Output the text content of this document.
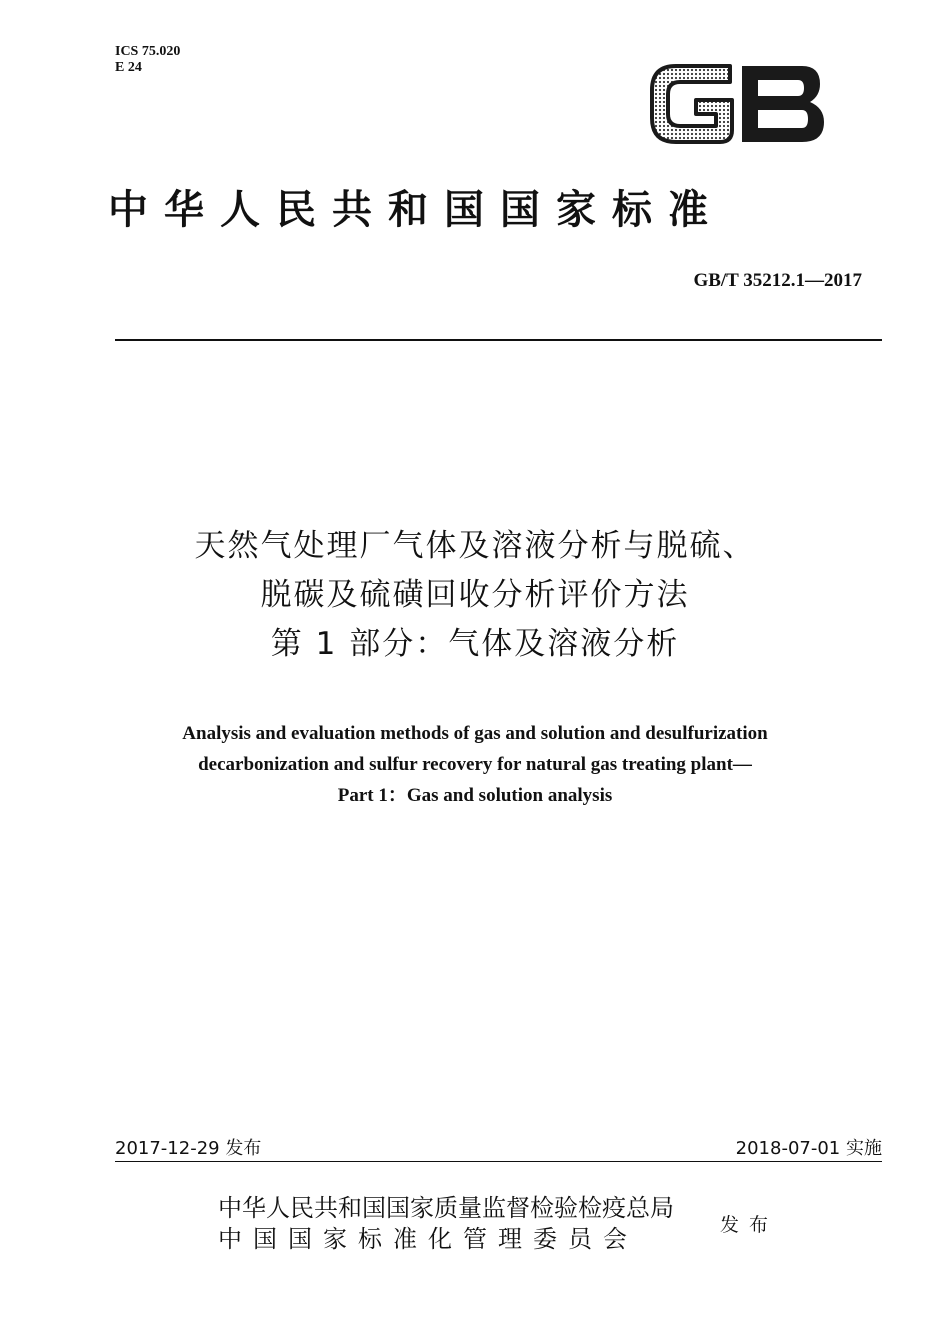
ICS 75.020
E 24
GB
中华人民共和国国家标准
GB/T 35212.1—2017
天然气处理厂气体及溶液分析与脱硫、
脱碳及硫磺回收分析评价方法
第 1 部分：气体及溶液分析
Analysis and evaluation methods of gas and solution and desulfurization
decarbonization and sulfur recovery for natural gas treating plant—
Part 1：Gas and solution analysis
2017-12-29 发布	2018-07-01 实施
中华人民共和国国家质量监督检验检疫总局
中国国家标准化管理委员会	发布
